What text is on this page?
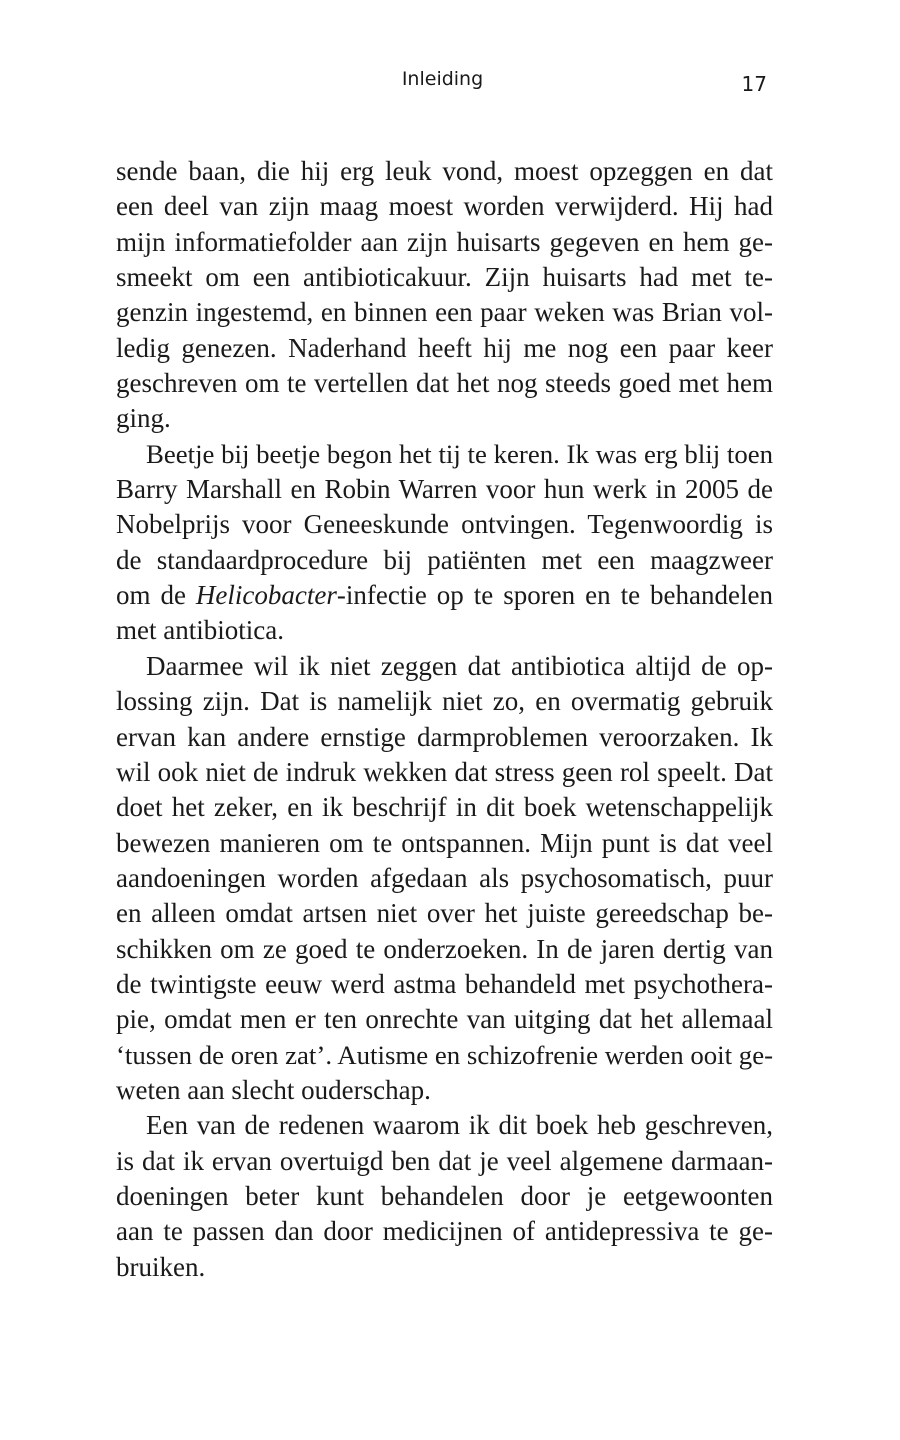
Inleiding	17

sende baan, die hij erg leuk vond, moest opzeggen en dat
een deel van zijn maag moest worden verwijderd. Hij had
mijn informatiefolder aan zijn huisarts gegeven en hem ge-
smeekt om een antibioticakuur. Zijn huisarts had met te-
genzin ingestemd, en binnen een paar weken was Brian vol-
ledig genezen. Naderhand heeft hij me nog een paar keer
geschreven om te vertellen dat het nog steeds goed met hem
ging.

Beetje bij beetje begon het tij te keren. Ik was erg blij toen
Barry Marshall en Robin Warren voor hun werk in 2005 de
Nobelprijs voor Geneeskunde ontvingen. Tegenwoordig is
de standaardprocedure bij patiënten met een maagzweer
om de Helicobacter-infectie op te sporen en te behandelen
met antibiotica.

Daarmee wil ik niet zeggen dat antibiotica altijd de op-
lossing zijn. Dat is namelijk niet zo, en overmatig gebruik
ervan kan andere ernstige darmproblemen veroorzaken. Ik
wil ook niet de indruk wekken dat stress geen rol speelt. Dat
doet het zeker, en ik beschrijf in dit boek wetenschappelijk
bewezen manieren om te ontspannen. Mijn punt is dat veel
aandoeningen worden afgedaan als psychosomatisch, puur
en alleen omdat artsen niet over het juiste gereedschap be-
schikken om ze goed te onderzoeken. In de jaren dertig van
de twintigste eeuw werd astma behandeld met psychothera-
pie, omdat men er ten onrechte van uitging dat het allemaal
‘tussen de oren zat’. Autisme en schizofrenie werden ooit ge-
weten aan slecht ouderschap.

Een van de redenen waarom ik dit boek heb geschreven,
is dat ik ervan overtuigd ben dat je veel algemene darmaan-
doeningen beter kunt behandelen door je eetgewoonten
aan te passen dan door medicijnen of antidepressiva te ge-
bruiken.
